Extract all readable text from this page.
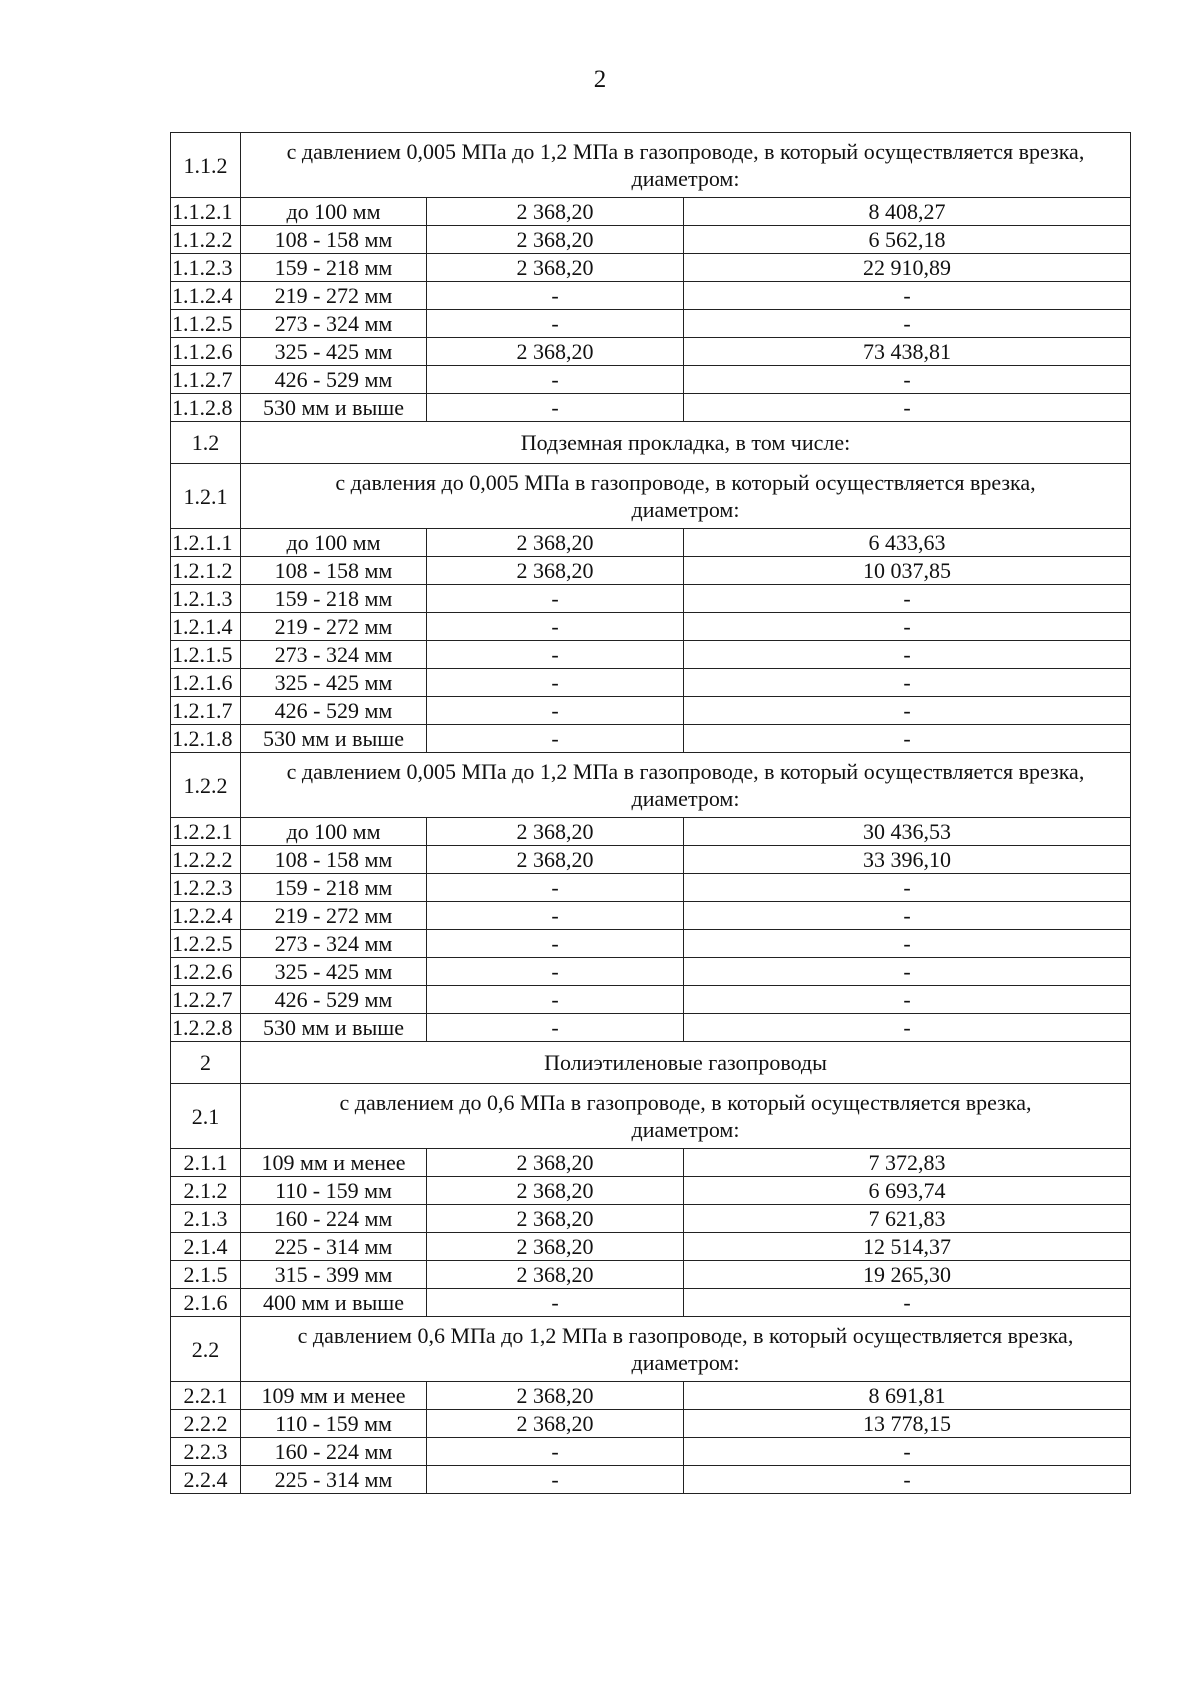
2
1.1.2	с давлением 0,005 МПа до 1,2 МПа в газопроводе, в который осуществляется врезка,
диаметром:		

1.1.2.1	до 100 мм	2 368,20	8 408,27
1.1.2.2	108 - 158 мм	2 368,20	6 562,18
1.1.2.3	159 - 218 мм	2 368,20	22 910,89
1.1.2.4	219 - 272 мм	-	-
1.1.2.5	273 - 324 мм	-	-
1.1.2.6	325 - 425 мм	2 368,20	73 438,81
1.1.2.7	426 - 529 мм	-	-
1.1.2.8	530 мм и выше	-	-
1.2	Подземная прокладка, в том числе:		
1.2.1	с давления до 0,005 МПа в газопроводе, в который осуществляется врезка,
диаметром:		

1.2.1.1	до 100 мм	2 368,20	6 433,63
1.2.1.2	108 - 158 мм	2 368,20	10 037,85
1.2.1.3	159 - 218 мм	-	-
1.2.1.4	219 - 272 мм	-	-
1.2.1.5	273 - 324 мм	-	-
1.2.1.6	325 - 425 мм	-	-
1.2.1.7	426 - 529 мм	-	-
1.2.1.8	530 мм и выше	-	-
1.2.2	с давлением 0,005 МПа до 1,2 МПа в газопроводе, в который осуществляется врезка,
диаметром:		

1.2.2.1	до 100 мм	2 368,20	30 436,53
1.2.2.2	108 - 158 мм	2 368,20	33 396,10
1.2.2.3	159 - 218 мм	-	-
1.2.2.4	219 - 272 мм	-	-
1.2.2.5	273 - 324 мм	-	-
1.2.2.6	325 - 425 мм	-	-
1.2.2.7	426 - 529 мм	-	-
1.2.2.8	530 мм и выше	-	-
2	Полиэтиленовые газопроводы		
2.1	с давлением до 0,6 МПа в газопроводе, в который осуществляется врезка,
диаметром:		

2.1.1	109 мм и менее	2 368,20	7 372,83
2.1.2	110 - 159 мм	2 368,20	6 693,74
2.1.3	160 - 224 мм	2 368,20	7 621,83
2.1.4	225 - 314 мм	2 368,20	12 514,37
2.1.5	315 - 399 мм	2 368,20	19 265,30
2.1.6	400 мм и выше	-	-
2.2	с давлением 0,6 МПа до 1,2 МПа в газопроводе, в который осуществляется врезка,
диаметром:		

2.2.1	109 мм и менее	2 368,20	8 691,81
2.2.2	110 - 159 мм	2 368,20	13 778,15
2.2.3	160 - 224 мм	-	-
2.2.4	225 - 314 мм	-	-
